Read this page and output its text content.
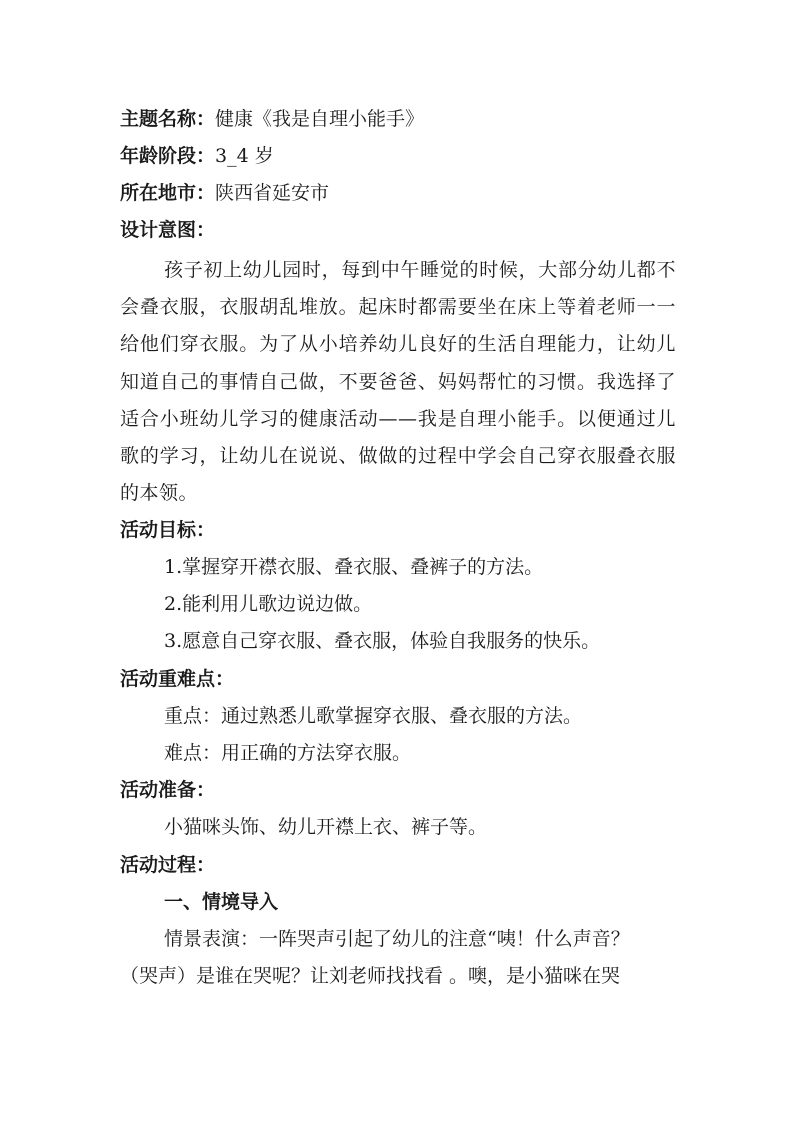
主题名称：健康《我是自理小能手》
年龄阶段：3_4 岁
所在地市：陕西省延安市
设计意图：
孩子初上幼儿园时，每到中午睡觉的时候，大部分幼儿都不会叠衣服，衣服胡乱堆放。起床时都需要坐在床上等着老师一一给他们穿衣服。为了从小培养幼儿良好的生活自理能力，让幼儿知道自己的事情自己做，不要爸爸、妈妈帮忙的习惯。我选择了适合小班幼儿学习的健康活动——我是自理小能手。以便通过儿歌的学习，让幼儿在说说、做做的过程中学会自己穿衣服叠衣服的本领。
活动目标：
1.掌握穿开襟衣服、叠衣服、叠裤子的方法。
2.能利用儿歌边说边做。
3.愿意自己穿衣服、叠衣服，体验自我服务的快乐。
活动重难点：
重点：通过熟悉儿歌掌握穿衣服、叠衣服的方法。
难点：用正确的方法穿衣服。
活动准备：
小猫咪头饰、幼儿开襟上衣、裤子等。
活动过程：
一、情境导入
情景表演：一阵哭声引起了幼儿的注意“咦！什么声音？
（哭声）是谁在哭呢？让刘老师找找看 。噢，是小猫咪在哭
